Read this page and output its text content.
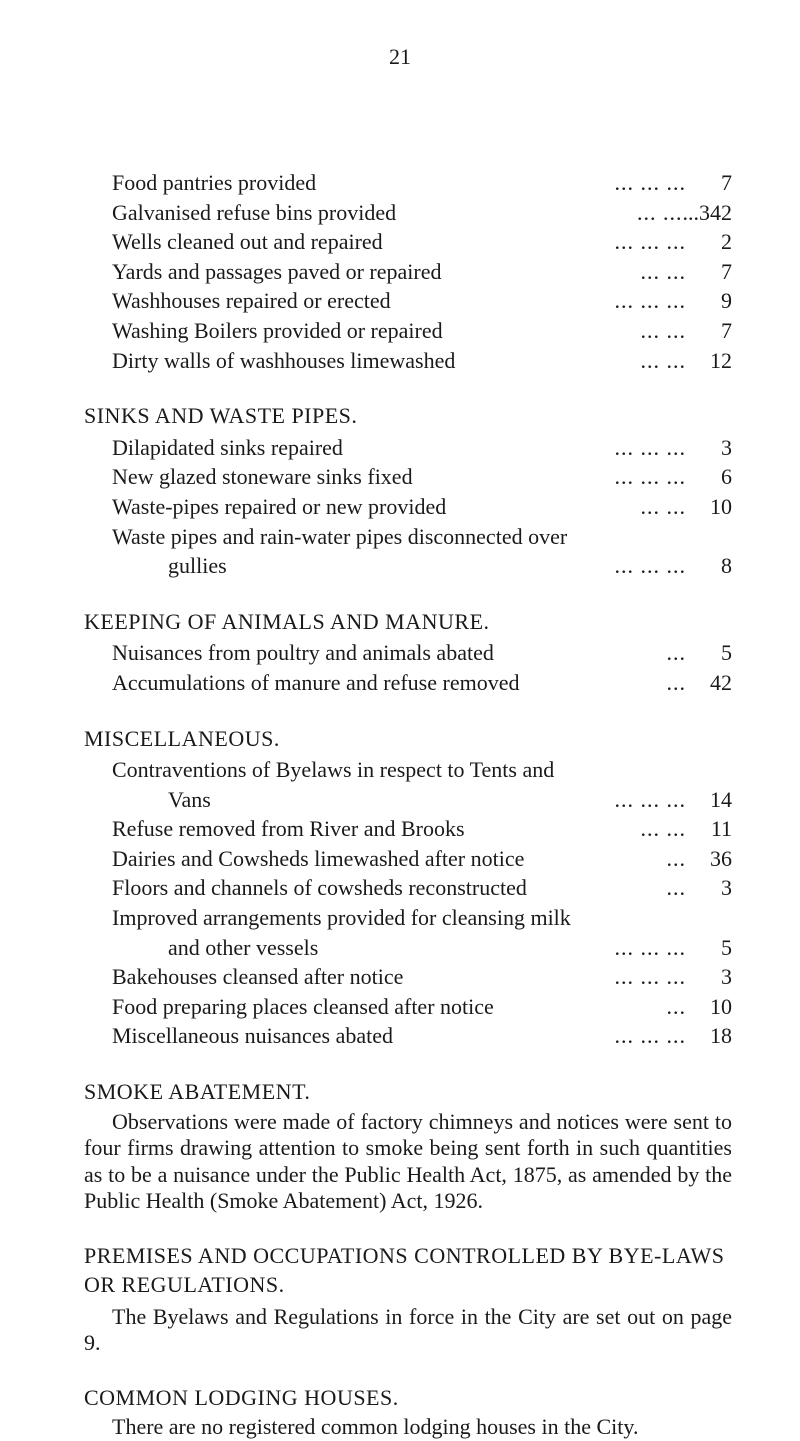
21
Food pantries provided	... ... ...	7
Galvanised refuse bins provided	... ... ...342
Wells cleaned out and repaired	... ... ...	2
Yards and passages paved or repaired	... ...	7
Washhouses repaired or erected	... ... ...	9
Washing Boilers provided or repaired	... ...	7
Dirty walls of washhouses limewashed	... ...	12
SINKS AND WASTE PIPES.
Dilapidated sinks repaired	... ... ...	3
New glazed stoneware sinks fixed	... ... ...	6
Waste-pipes repaired or new provided	... ...	10
Waste pipes and rain-water pipes disconnected over
gullies	... ... ...	8
KEEPING OF ANIMALS AND MANURE.
Nuisances from poultry and animals abated	...	5
Accumulations of manure and refuse removed	...	42
MISCELLANEOUS.
Contraventions of Byelaws in respect to Tents and
Vans	... ... ...	14
Refuse removed from River and Brooks	... ...	11
Dairies and Cowsheds limewashed after notice	...	36
Floors and channels of cowsheds reconstructed	...	3
Improved arrangements provided for cleansing milk
and other vessels	... ... ...	5
Bakehouses cleansed after notice	... ... ...	3
Food preparing places cleansed after notice	...	10
Miscellaneous nuisances abated	... ... ...	18
SMOKE ABATEMENT.
Observations were made of factory chimneys and notices were sent to four firms drawing attention to smoke being sent forth in such quantities as to be a nuisance under the Public Health Act, 1875, as amended by the Public Health (Smoke Abatement) Act, 1926.
PREMISES AND OCCUPATIONS CONTROLLED BY BYE-LAWS OR REGULATIONS.
The Byelaws and Regulations in force in the City are set out on page 9.
COMMON LODGING HOUSES.
There are no registered common lodging houses in the City.
